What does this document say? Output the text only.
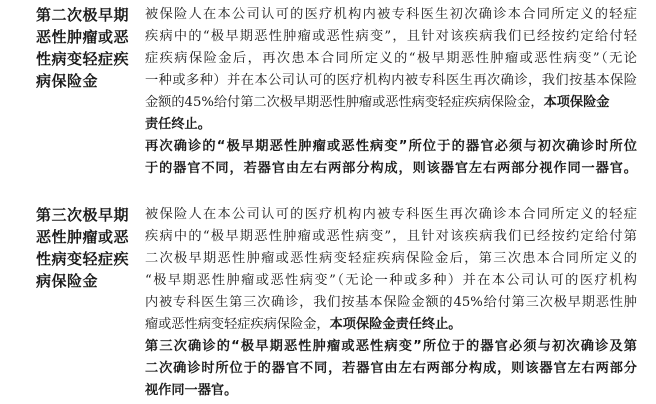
第二次极早期
恶性肿瘤或恶
性病变轻症疾
病保险金
被保险人在本公司认可的医疗机构内被专科医生初次确诊本合同所定义的轻症
疾病中的“极早期恶性肿瘤或恶性病变”，且针对该疾病我们已经按约定给付轻
症疾病保险金后，再次患本合同所定义的“极早期恶性肿瘤或恶性病变”（无论
一种或多种）并在本公司认可的医疗机构内被专科医生再次确诊，我们按基本保险
金额的45%给付第二次极早期恶性肿瘤或恶性病变轻症疾病保险金，本项保险金
责任终止。
再次确诊的“极早期恶性肿瘤或恶性病变”所位于的器官必须与初次确诊时所位
于的器官不同，若器官由左右两部分构成，则该器官左右两部分视作同一器官。
第三次极早期
恶性肿瘤或恶
性病变轻症疾
病保险金
被保险人在本公司认可的医疗机构内被专科医生再次确诊本合同所定义的轻症
疾病中的“极早期恶性肿瘤或恶性病变”，且针对该疾病我们已经按约定给付第
二次极早期恶性肿瘤或恶性病变轻症疾病保险金后，第三次患本合同所定义的
“极早期恶性肿瘤或恶性病变”（无论一种或多种）并在本公司认可的医疗机构
内被专科医生第三次确诊，我们按基本保险金额的45%给付第三次极早期恶性肿
瘤或恶性病变轻症疾病保险金，本项保险金责任终止。
第三次确诊的“极早期恶性肿瘤或恶性病变”所位于的器官必须与初次确诊及第
二次确诊时所位于的器官不同，若器官由左右两部分构成，则该器官左右两部分
视作同一器官。
